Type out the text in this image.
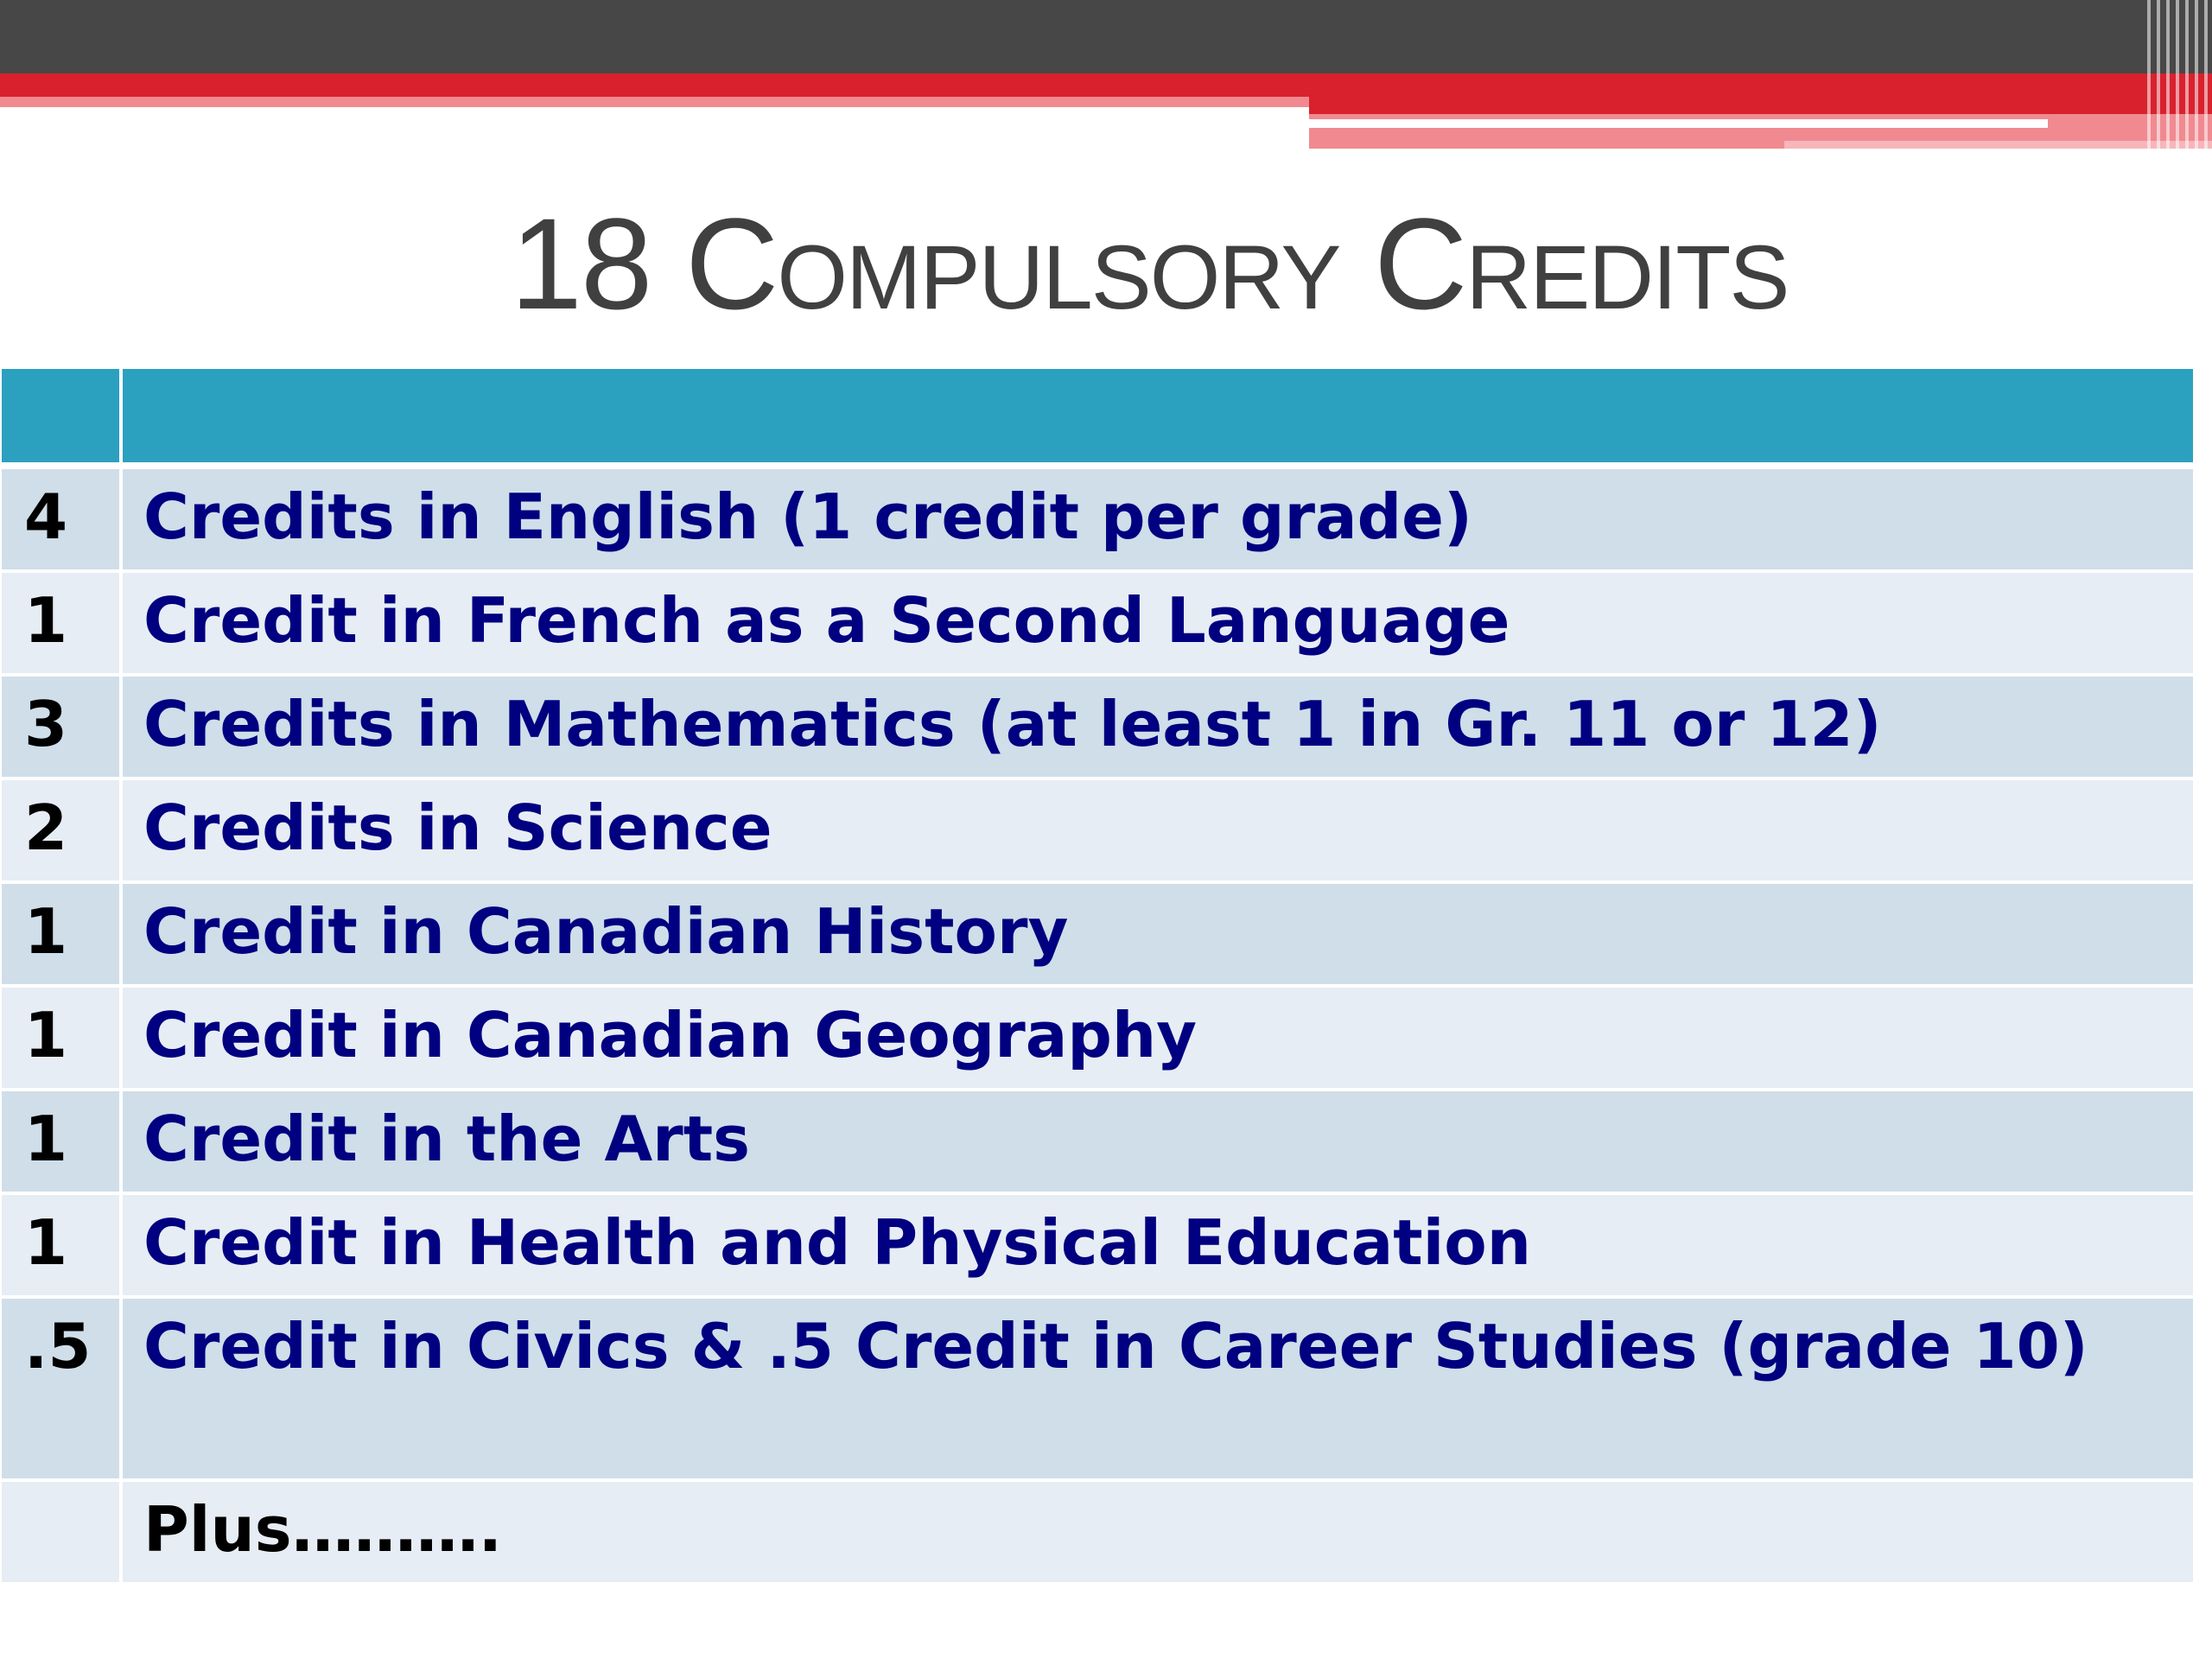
18 Compulsory Credits

4	Credits in English (1 credit per grade)
1	Credit in French as a Second Language
3	Credits in Mathematics (at least 1 in Gr. 11 or 12)
2	Credits in Science
1	Credit in Canadian History
1	Credit in Canadian Geography
1	Credit in the Arts
1	Credit in Health and Physical Education
.5	Credit in Civics & .5 Credit in Career Studies (grade 10)
	Plus……….
